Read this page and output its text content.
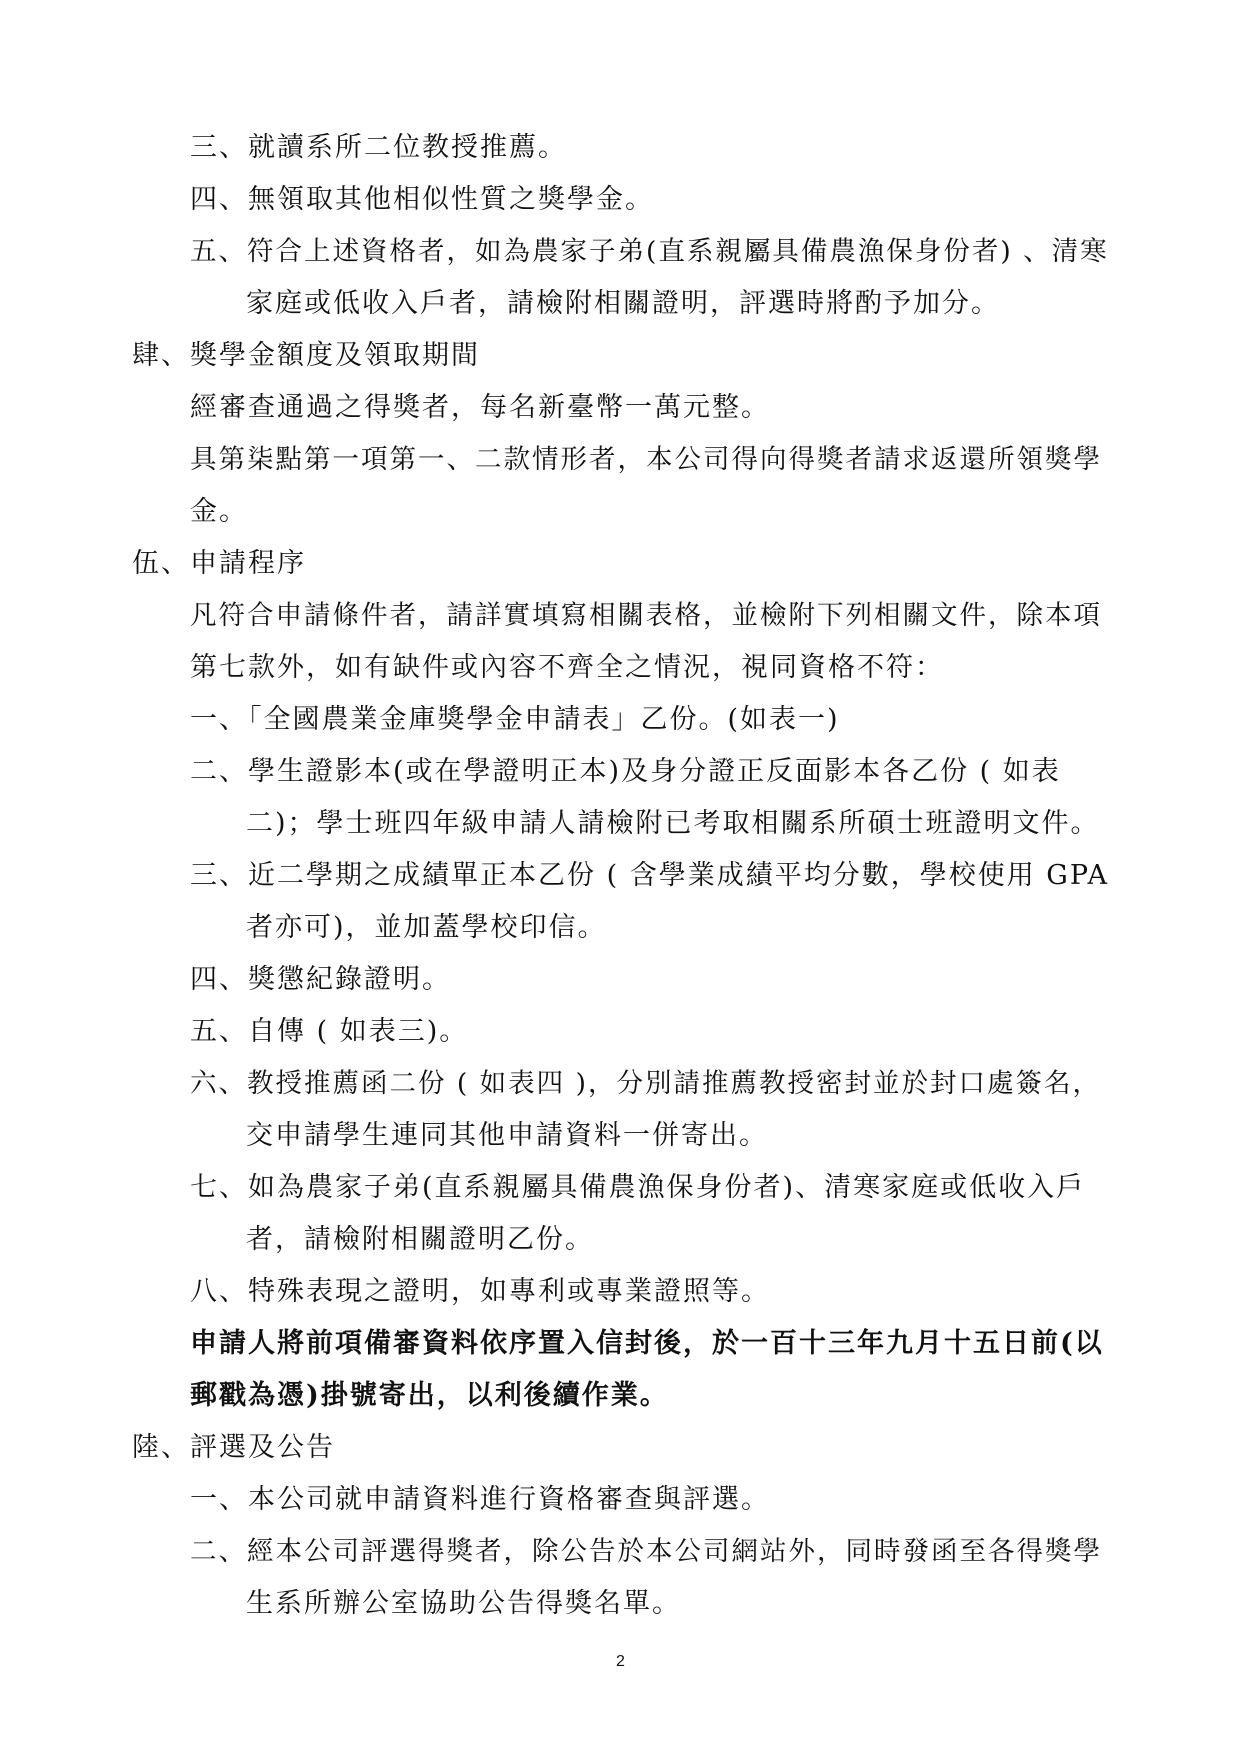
三、就讀系所二位教授推薦。
四、無領取其他相似性質之獎學金。
五、符合上述資格者，如為農家子弟(直系親屬具備農漁保身份者) 、清寒
家庭或低收入戶者，請檢附相關證明，評選時將酌予加分。
肆、獎學金額度及領取期間
經審查通過之得獎者，每名新臺幣一萬元整。
具第柒點第一項第一、二款情形者，本公司得向得獎者請求返還所領獎學
金。
伍、申請程序
凡符合申請條件者，請詳實填寫相關表格，並檢附下列相關文件，除本項
第七款外，如有缺件或內容不齊全之情況，視同資格不符：
一、「全國農業金庫獎學金申請表」乙份。(如表一)
二、學生證影本(或在學證明正本)及身分證正反面影本各乙份 ( 如表
二)；學士班四年級申請人請檢附已考取相關系所碩士班證明文件。
三、近二學期之成績單正本乙份 ( 含學業成績平均分數，學校使用 GPA
者亦可)，並加蓋學校印信。
四、獎懲紀錄證明。
五、自傳 ( 如表三)。
六、教授推薦函二份 ( 如表四 )，分別請推薦教授密封並於封口處簽名，
交申請學生連同其他申請資料一併寄出。
七、如為農家子弟(直系親屬具備農漁保身份者)、清寒家庭或低收入戶
者，請檢附相關證明乙份。
八、特殊表現之證明，如專利或專業證照等。
申請人將前項備審資料依序置入信封後，於一百十三年九月十五日前(以
郵戳為憑)掛號寄出，以利後續作業。
陸、評選及公告
一、本公司就申請資料進行資格審查與評選。
二、經本公司評選得獎者，除公告於本公司網站外，同時發函至各得獎學
生系所辦公室協助公告得獎名單。
2
